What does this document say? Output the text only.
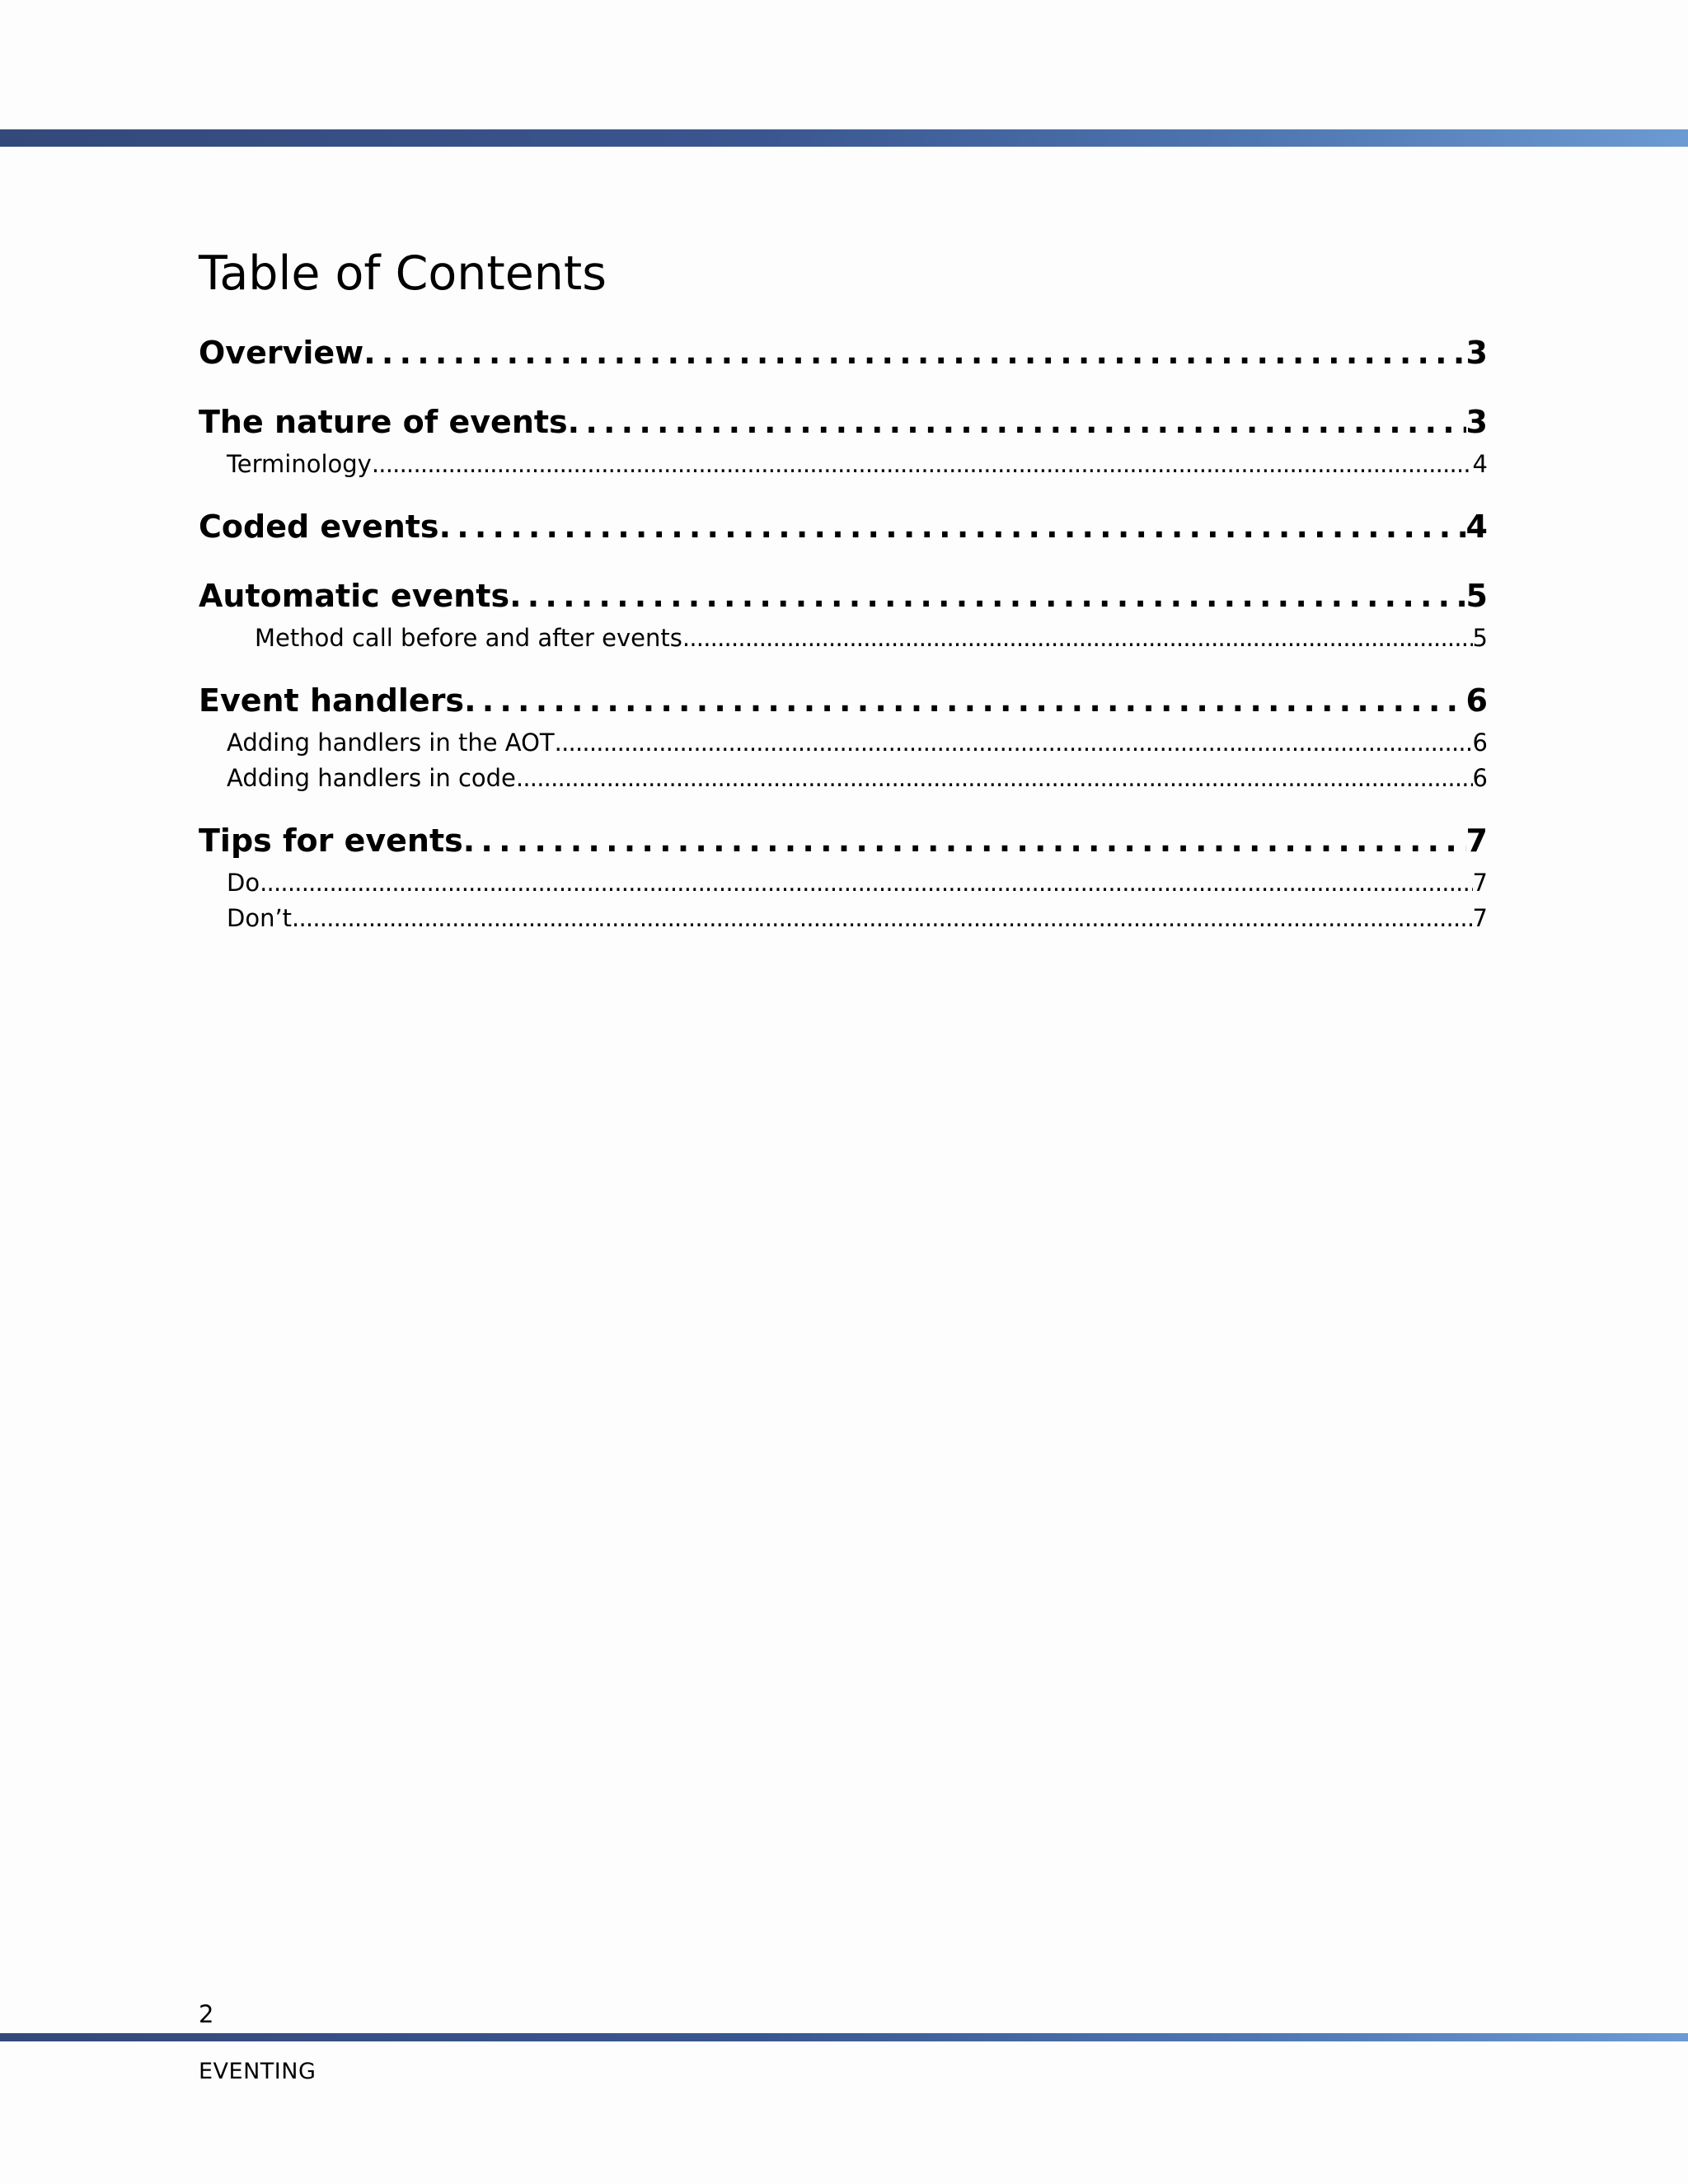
Table of Contents
Overview . . .	3
The nature of events . . .	3
Terminology . . .	4
Coded events . . .	4
Automatic events . . .	5
Method call before and after events . . .	5
Event handlers . . .	6
Adding handlers in the AOT . . .	6
Adding handlers in code . . .	6
Tips for events . . .	7
Do . . .	7
Don’t . . .	7
2
EVENTING
